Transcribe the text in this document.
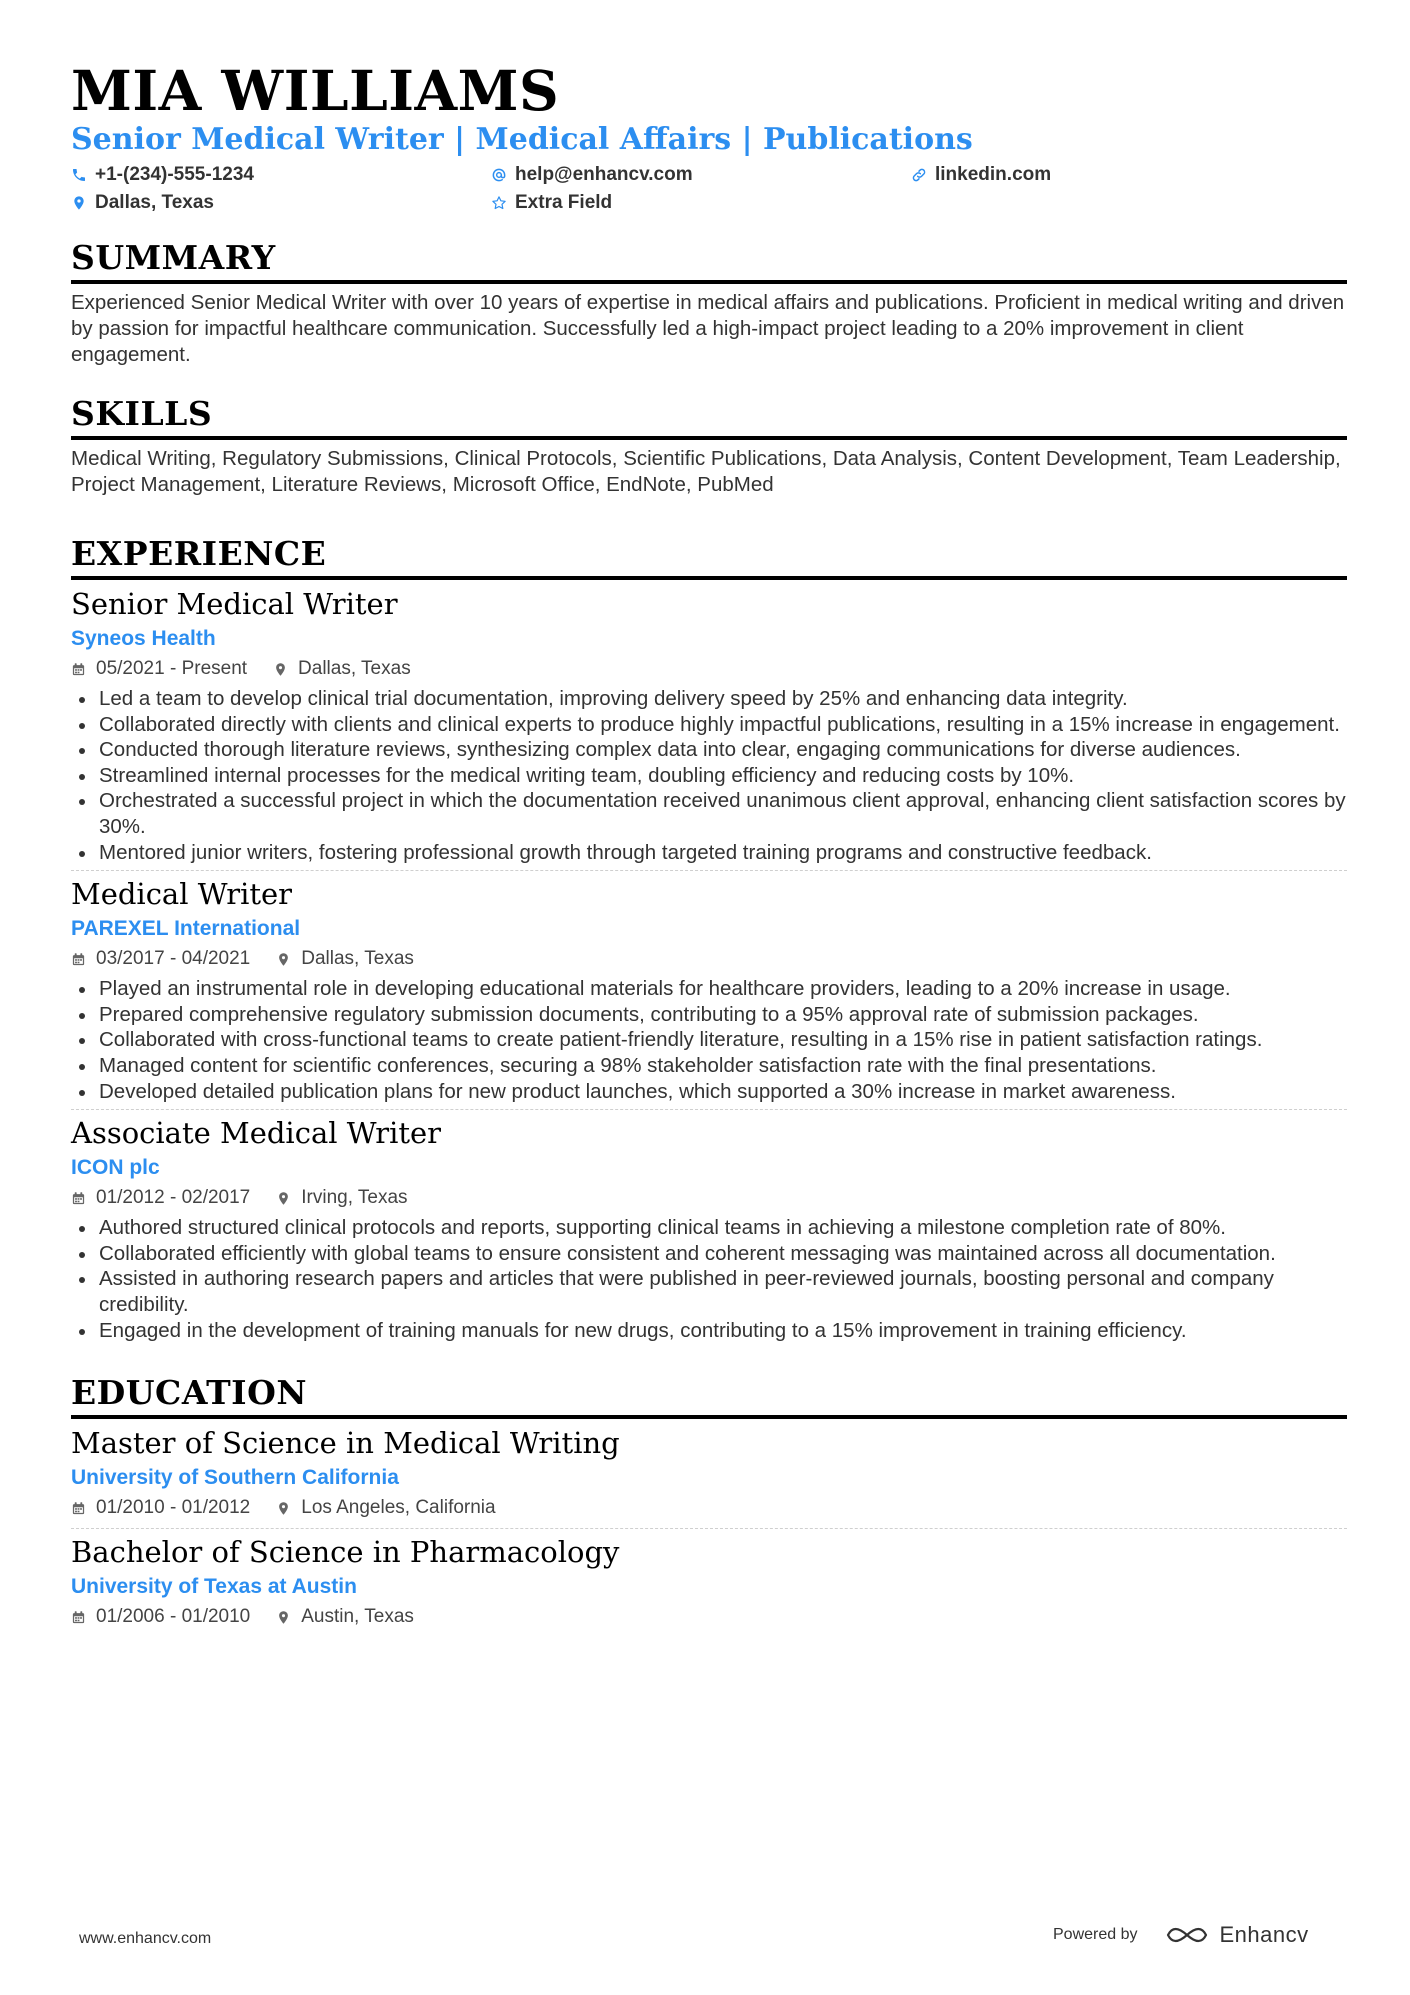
MIA WILLIAMS
Senior Medical Writer | Medical Affairs | Publications
+1-(234)-555-1234	help@enhancv.com	linkedin.com
Dallas, Texas	Extra Field
SUMMARY
Experienced Senior Medical Writer with over 10 years of expertise in medical affairs and publications. Proficient in medical writing and driven by passion for impactful healthcare communication. Successfully led a high-impact project leading to a 20% improvement in client engagement.
SKILLS
Medical Writing, Regulatory Submissions, Clinical Protocols, Scientific Publications, Data Analysis, Content Development, Team Leadership, Project Management, Literature Reviews, Microsoft Office, EndNote, PubMed
EXPERIENCE
Senior Medical Writer
Syneos Health
05/2021 - Present	Dallas, Texas
Led a team to develop clinical trial documentation, improving delivery speed by 25% and enhancing data integrity.
Collaborated directly with clients and clinical experts to produce highly impactful publications, resulting in a 15% increase in engagement.
Conducted thorough literature reviews, synthesizing complex data into clear, engaging communications for diverse audiences.
Streamlined internal processes for the medical writing team, doubling efficiency and reducing costs by 10%.
Orchestrated a successful project in which the documentation received unanimous client approval, enhancing client satisfaction scores by 30%.
Mentored junior writers, fostering professional growth through targeted training programs and constructive feedback.
Medical Writer
PAREXEL International
03/2017 - 04/2021	Dallas, Texas
Played an instrumental role in developing educational materials for healthcare providers, leading to a 20% increase in usage.
Prepared comprehensive regulatory submission documents, contributing to a 95% approval rate of submission packages.
Collaborated with cross-functional teams to create patient-friendly literature, resulting in a 15% rise in patient satisfaction ratings.
Managed content for scientific conferences, securing a 98% stakeholder satisfaction rate with the final presentations.
Developed detailed publication plans for new product launches, which supported a 30% increase in market awareness.
Associate Medical Writer
ICON plc
01/2012 - 02/2017	Irving, Texas
Authored structured clinical protocols and reports, supporting clinical teams in achieving a milestone completion rate of 80%.
Collaborated efficiently with global teams to ensure consistent and coherent messaging was maintained across all documentation.
Assisted in authoring research papers and articles that were published in peer-reviewed journals, boosting personal and company credibility.
Engaged in the development of training manuals for new drugs, contributing to a 15% improvement in training efficiency.
EDUCATION
Master of Science in Medical Writing
University of Southern California
01/2010 - 01/2012	Los Angeles, California
Bachelor of Science in Pharmacology
University of Texas at Austin
01/2006 - 01/2010	Austin, Texas
www.enhancv.com	Powered by	Enhancv
